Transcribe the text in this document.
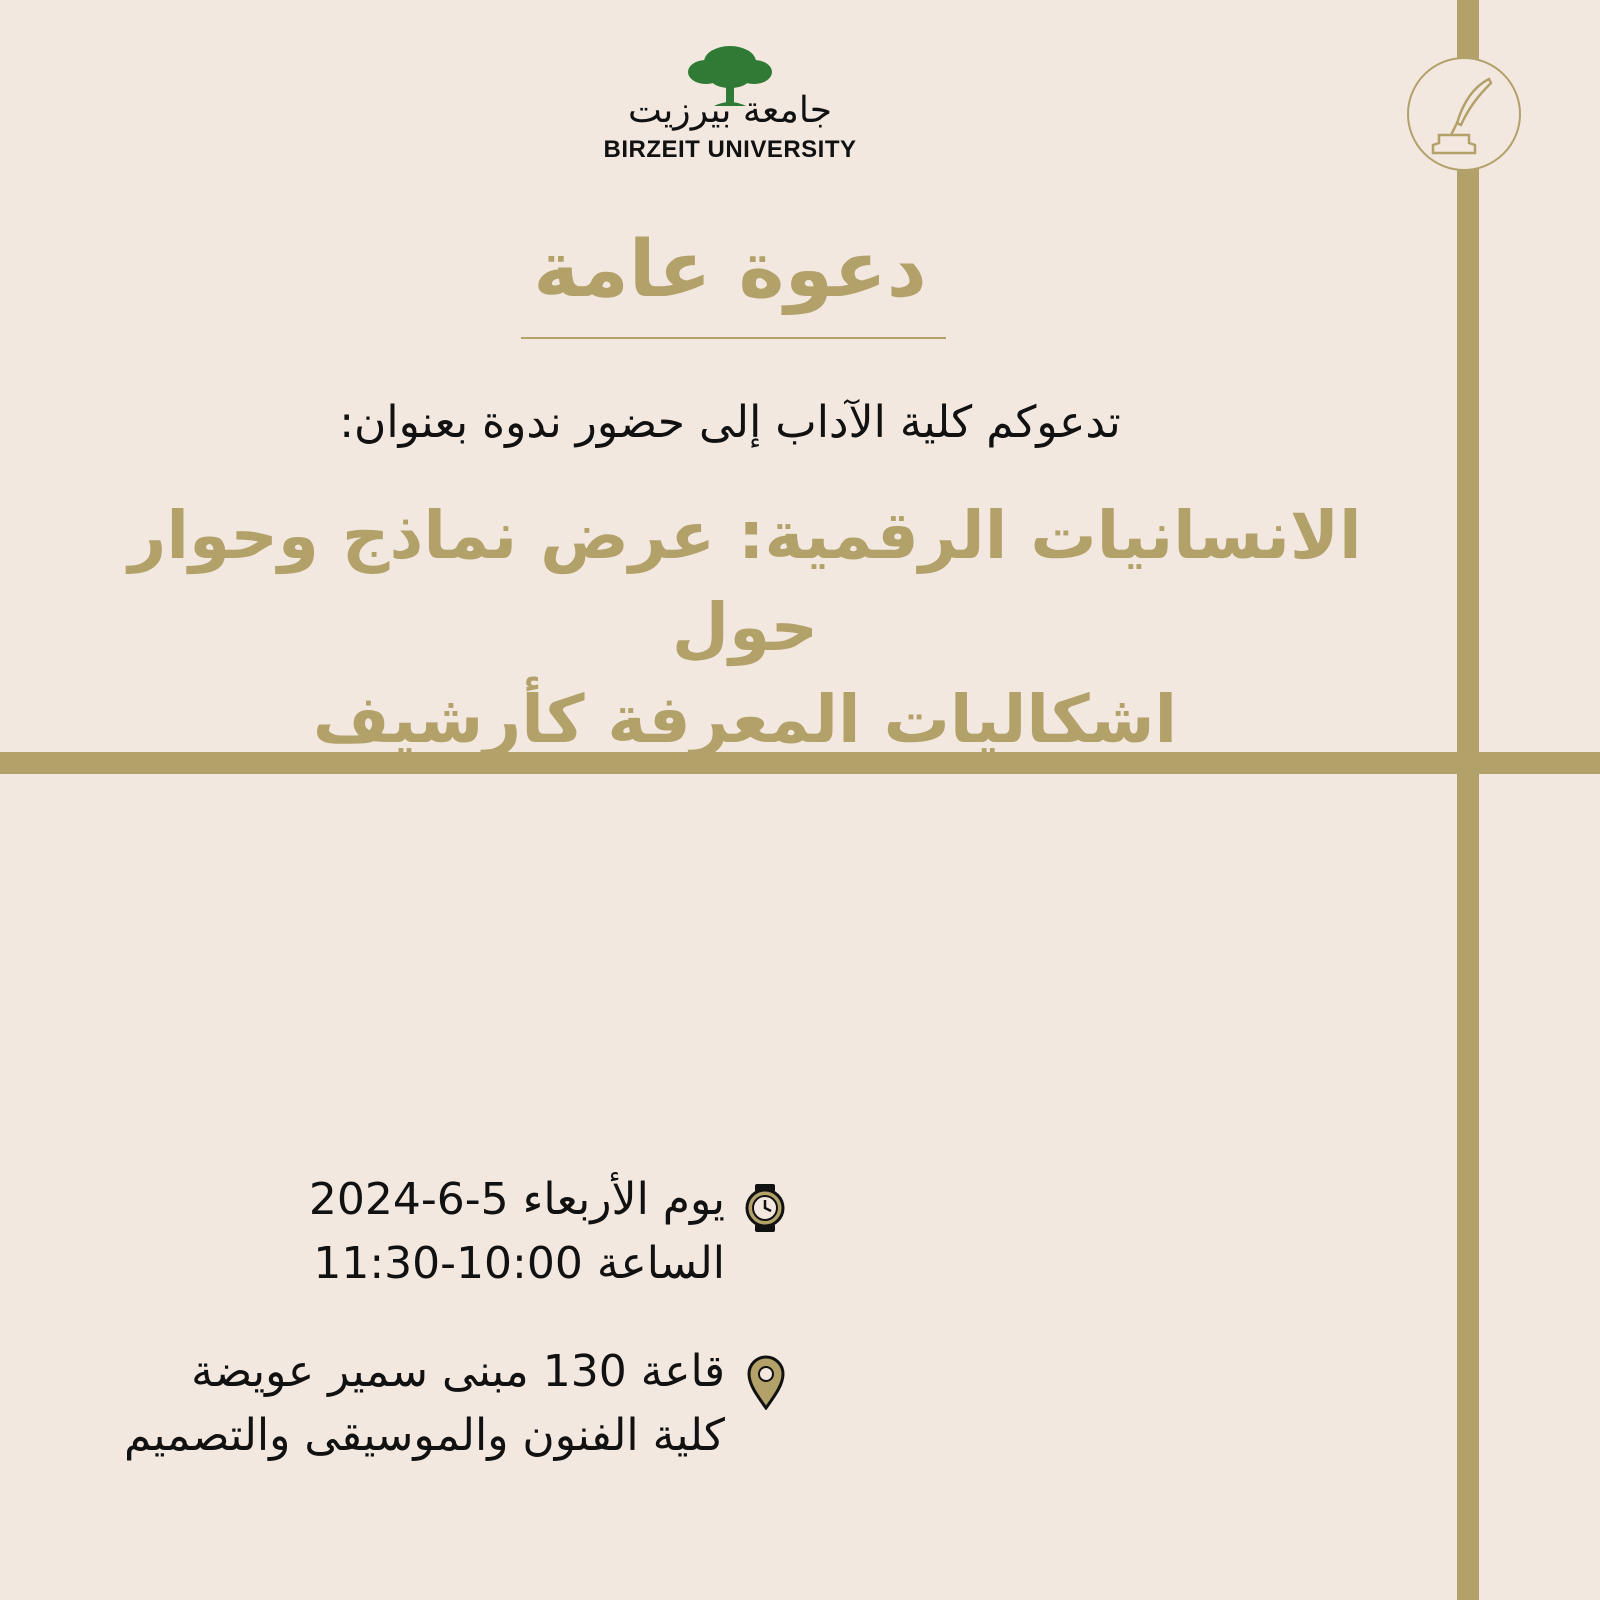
جامعة بيرزيت
BIRZEIT UNIVERSITY
دعوة عامة
تدعوكم كلية الآداب إلى حضور ندوة بعنوان:
الانسانيات الرقمية: عرض نماذج وحوار حول
اشكاليات المعرفة كأرشيف
يوم الأربعاء 5-6-2024
الساعة 10:00-11:30
قاعة 130 مبنى سمير عويضة
كلية الفنون والموسيقى والتصميم
